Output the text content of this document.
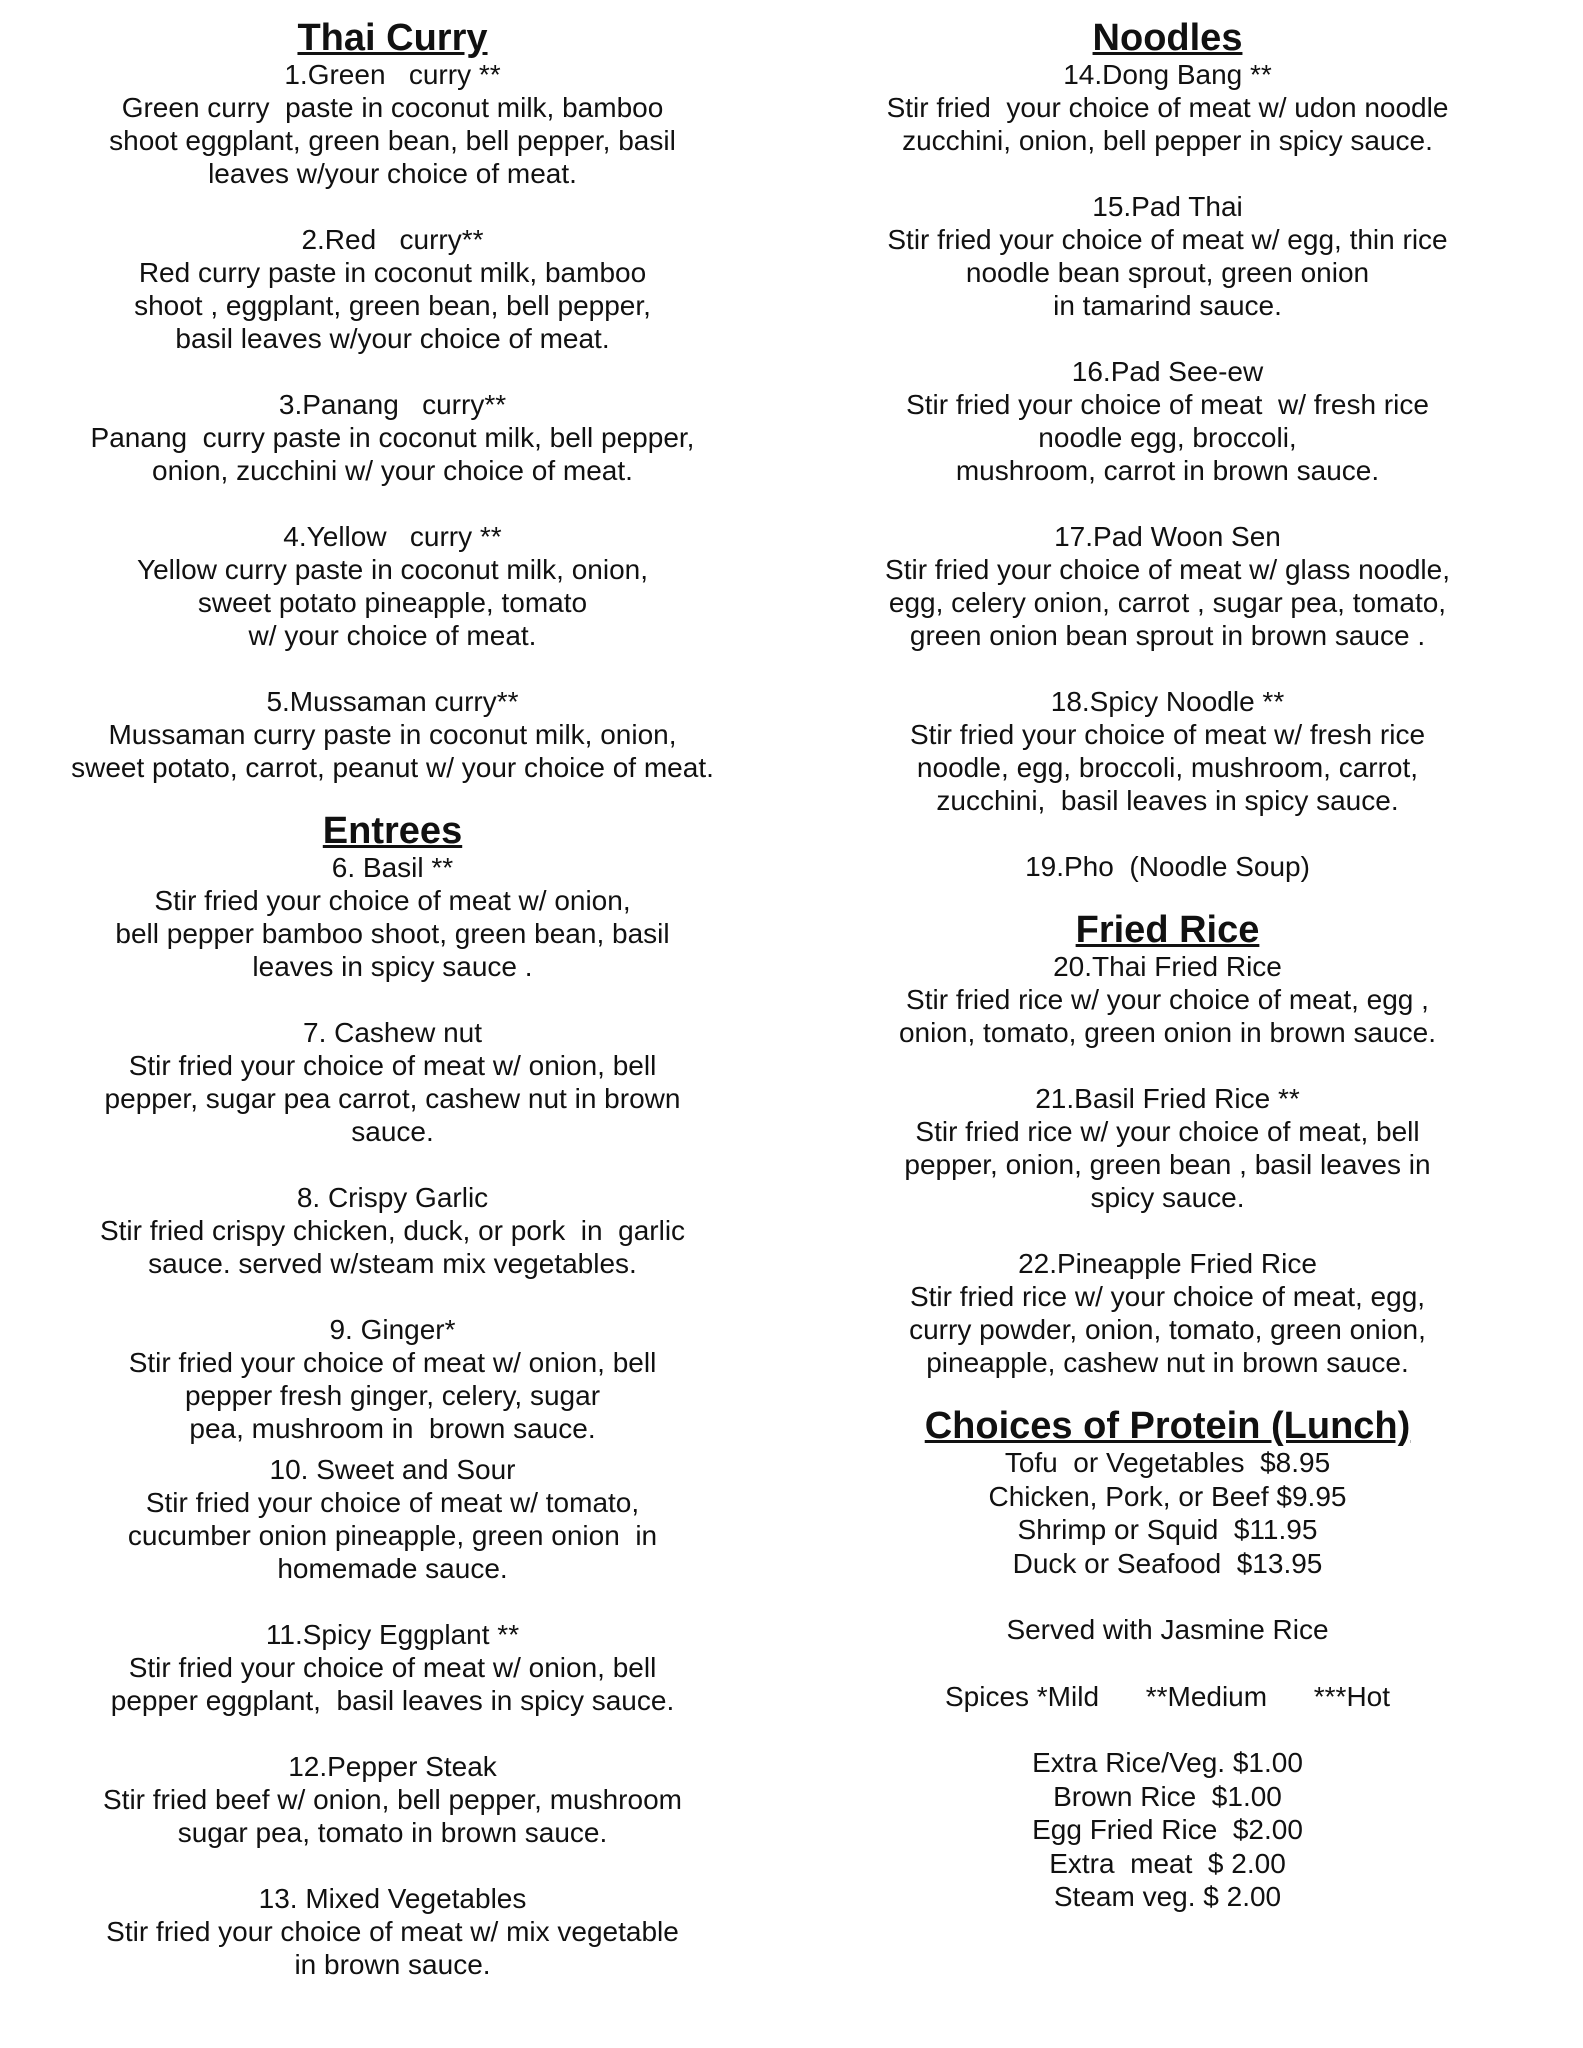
Thai Curry
1.Green   curry **
Green curry  paste in coconut milk, bamboo
shoot eggplant, green bean, bell pepper, basil
leaves w/your choice of meat.
2.Red   curry**
Red curry paste in coconut milk, bamboo
shoot , eggplant, green bean, bell pepper,
basil leaves w/your choice of meat.
3.Panang   curry**
Panang  curry paste in coconut milk, bell pepper,
onion, zucchini w/ your choice of meat.
4.Yellow   curry **
Yellow curry paste in coconut milk, onion,
sweet potato pineapple, tomato
w/ your choice of meat.
5.Mussaman curry**
Mussaman curry paste in coconut milk, onion,
sweet potato, carrot, peanut w/ your choice of meat.
Entrees
6. Basil **
Stir fried your choice of meat w/ onion,
bell pepper bamboo shoot, green bean, basil
leaves in spicy sauce .
7. Cashew nut
Stir fried your choice of meat w/ onion, bell
pepper, sugar pea carrot, cashew nut in brown
sauce.
8. Crispy Garlic
Stir fried crispy chicken, duck, or pork  in  garlic
sauce. served w/steam mix vegetables.
9. Ginger*
Stir fried your choice of meat w/ onion, bell
pepper fresh ginger, celery, sugar
pea, mushroom in  brown sauce.
10. Sweet and Sour
Stir fried your choice of meat w/ tomato,
cucumber onion pineapple, green onion  in
homemade sauce.
11.Spicy Eggplant **
Stir fried your choice of meat w/ onion, bell
pepper eggplant,  basil leaves in spicy sauce.
12.Pepper Steak
Stir fried beef w/ onion, bell pepper, mushroom
sugar pea, tomato in brown sauce.
13. Mixed Vegetables
Stir fried your choice of meat w/ mix vegetable
in brown sauce.
Noodles
14.Dong Bang **
Stir fried  your choice of meat w/ udon noodle
zucchini, onion, bell pepper in spicy sauce.
15.Pad Thai
Stir fried your choice of meat w/ egg, thin rice
noodle bean sprout, green onion
in tamarind sauce.
16.Pad See-ew
Stir fried your choice of meat  w/ fresh rice
noodle egg, broccoli,
mushroom, carrot in brown sauce.
17.Pad Woon Sen
Stir fried your choice of meat w/ glass noodle,
egg, celery onion, carrot , sugar pea, tomato,
green onion bean sprout in brown sauce .
18.Spicy Noodle **
Stir fried your choice of meat w/ fresh rice
noodle, egg, broccoli, mushroom, carrot,
zucchini,  basil leaves in spicy sauce.
19.Pho  (Noodle Soup)
Fried Rice
20.Thai Fried Rice
Stir fried rice w/ your choice of meat, egg ,
onion, tomato, green onion in brown sauce.
21.Basil Fried Rice **
Stir fried rice w/ your choice of meat, bell
pepper, onion, green bean , basil leaves in
spicy sauce.
22.Pineapple Fried Rice
Stir fried rice w/ your choice of meat, egg,
curry powder, onion, tomato, green onion,
pineapple, cashew nut in brown sauce.
Choices of Protein (Lunch)
Tofu  or Vegetables  $8.95
Chicken, Pork, or Beef $9.95
Shrimp or Squid  $11.95
Duck or Seafood  $13.95
Served with Jasmine Rice
Spices *Mild      **Medium      ***Hot
Extra Rice/Veg. $1.00
Brown Rice  $1.00
Egg Fried Rice  $2.00
Extra  meat  $ 2.00
Steam veg. $ 2.00
